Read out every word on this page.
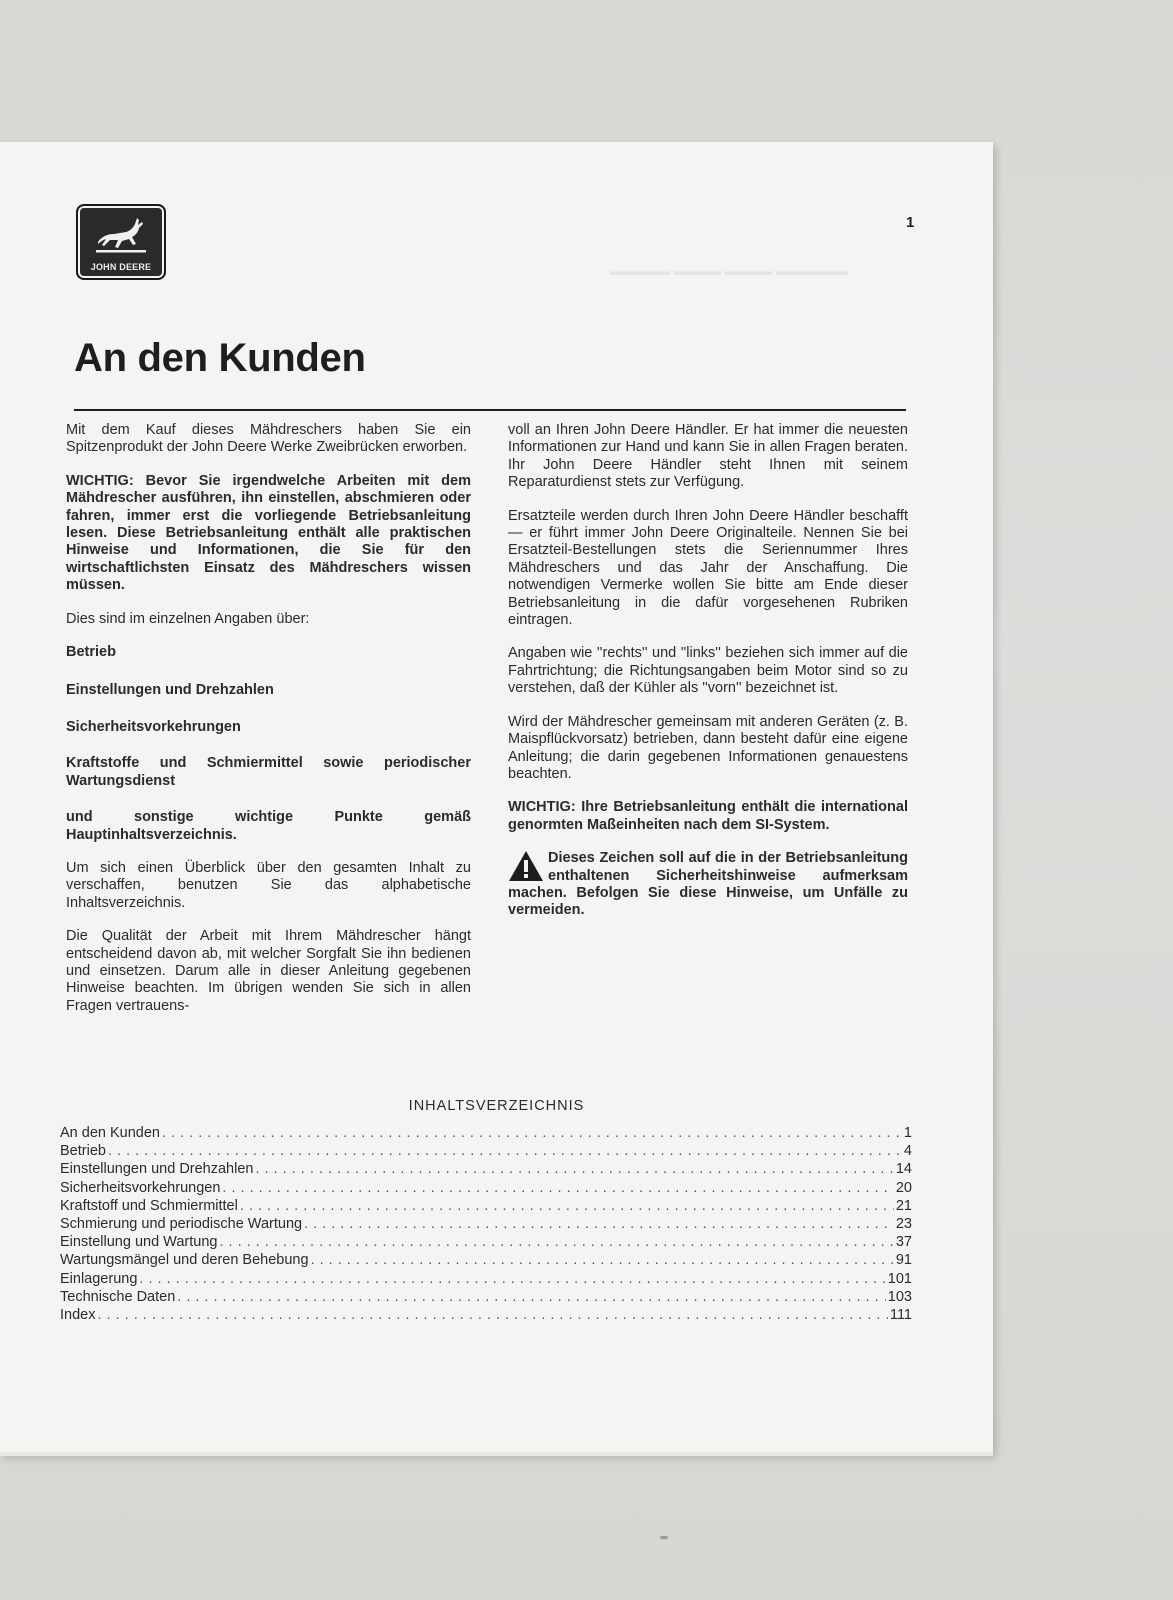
JOHN DEERE
1
▬▬▬▬▬ ▬▬▬▬ ▬▬▬▬ ▬▬▬▬▬▬
An den Kunden

Mit dem Kauf dieses Mähdreschers haben Sie ein Spitzenprodukt der John Deere Werke Zweibrücken erworben.

WICHTIG: Bevor Sie irgendwelche Arbeiten mit dem Mähdrescher ausführen, ihn einstellen, abschmieren oder fahren, immer erst die vorliegende Betriebsanleitung lesen. Diese Betriebsanleitung enthält alle praktischen Hinweise und Informationen, die Sie für den wirtschaftlichsten Einsatz des Mähdreschers wissen müssen.

Dies sind im einzelnen Angaben über:

Betrieb

Einstellungen und Drehzahlen

Sicherheitsvorkehrungen

Kraftstoffe und Schmiermittel sowie periodischer Wartungsdienst

und sonstige wichtige Punkte gemäß Hauptinhaltsverzeichnis.

Um sich einen Überblick über den gesamten Inhalt zu verschaffen, benutzen Sie das alphabetische Inhaltsverzeichnis.

Die Qualität der Arbeit mit Ihrem Mähdrescher hängt entscheidend davon ab, mit welcher Sorgfalt Sie ihn bedienen und einsetzen. Darum alle in dieser Anleitung gegebenen Hinweise beachten. Im übrigen wenden Sie sich in allen Fragen vertrauens-

voll an Ihren John Deere Händler. Er hat immer die neuesten Informationen zur Hand und kann Sie in allen Fragen beraten. Ihr John Deere Händler steht Ihnen mit seinem Reparaturdienst stets zur Verfügung.

Ersatzteile werden durch Ihren John Deere Händler beschafft — er führt immer John Deere Originalteile. Nennen Sie bei Ersatzteil-Bestellungen stets die Seriennummer Ihres Mähdreschers und das Jahr der Anschaffung. Die notwendigen Vermerke wollen Sie bitte am Ende dieser Betriebsanleitung in die dafür vorgesehenen Rubriken eintragen.

Angaben wie ''rechts'' und ''links'' beziehen sich immer auf die Fahrtrichtung; die Richtungsangaben beim Motor sind so zu verstehen, daß der Kühler als ''vorn'' bezeichnet ist.

Wird der Mähdrescher gemeinsam mit anderen Geräten (z. B. Maispflückvorsatz) betrieben, dann besteht dafür eine eigene Anleitung; die darin gegebenen Informationen genauestens beachten.

WICHTIG: Ihre Betriebsanleitung enthält die international genormten Maßeinheiten nach dem SI-System.

Dieses Zeichen soll auf die in der Betriebsanleitung enthaltenen Sicherheitshinweise aufmerksam machen. Befolgen Sie diese Hinweise, um Unfälle zu vermeiden.

INHALTSVERZEICHNIS
An den Kunden . . .	1
Betrieb . . .	4
Einstellungen und Drehzahlen . . .	14
Sicherheitsvorkehrungen . . .	20
Kraftstoff und Schmiermittel . . .	21
Schmierung und periodische Wartung . . .	23
Einstellung und Wartung . . .	37
Wartungsmängel und deren Behebung . . .	91
Einlagerung . . .	101
Technische Daten . . .	103
Index . . .	111
